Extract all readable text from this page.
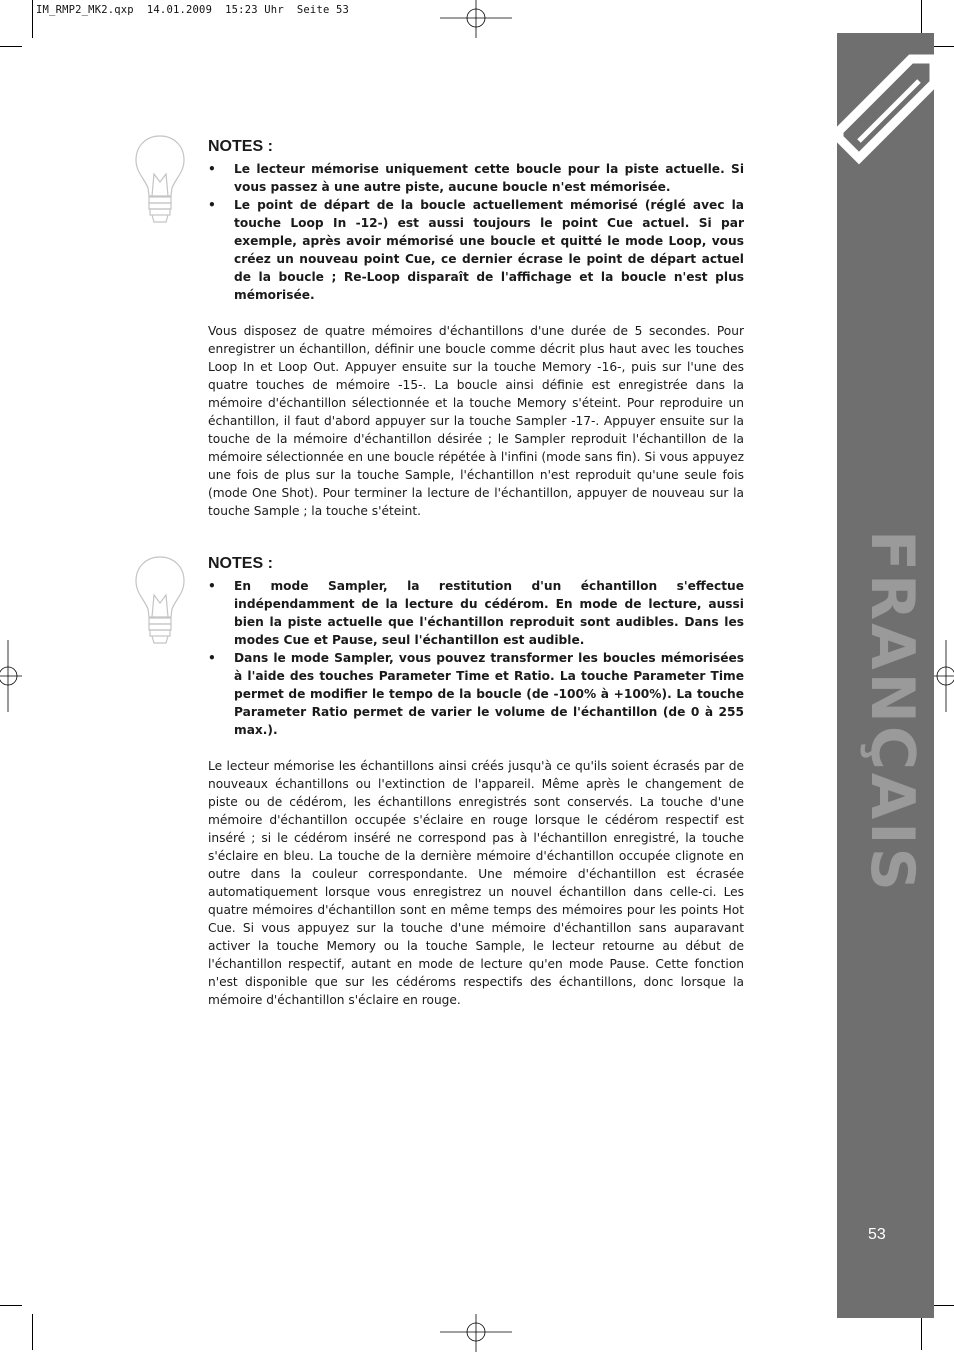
IM_RMP2_MK2.qxp 14.01.2009 15:23 Uhr Seite 53
FRANÇAIS
53
NOTES :
• Le lecteur mémorise uniquement cette boucle pour la piste actuelle. Si vous passez à une autre piste, aucune boucle n'est mémorisée.
• Le point de départ de la boucle actuellement mémorisé (réglé avec la touche Loop In -12-) est aussi toujours le point Cue actuel. Si par exemple, après avoir mémorisé une boucle et quitté le mode Loop, vous créez un nouveau point Cue, ce dernier écrase le point de départ actuel de la boucle ; Re-Loop disparaît de l'affichage et la boucle n'est plus mémorisée.

Vous disposez de quatre mémoires d'échantillons d'une durée de 5 secondes. Pour enregistrer un échantillon, définir une boucle comme décrit plus haut avec les touches Loop In et Loop Out. Appuyer ensuite sur la touche Memory -16-, puis sur l'une des quatre touches de mémoire -15-. La boucle ainsi définie est enregistrée dans la mémoire d'échantillon sélectionnée et la touche Memory s'éteint. Pour reproduire un échantillon, il faut d'abord appuyer sur la touche Sampler -17-. Appuyer ensuite sur la touche de la mémoire d'échantillon désirée ; le Sampler reproduit l'échantillon de la mémoire sélectionnée en une boucle répétée à l'infini (mode sans fin). Si vous appuyez une fois de plus sur la touche Sample, l'échantillon n'est reproduit qu'une seule fois (mode One Shot). Pour terminer la lecture de l'échantillon, appuyer de nouveau sur la touche Sample ; la touche s'éteint.

NOTES :
• En mode Sampler, la restitution d'un échantillon s'effectue indépendamment de la lecture du cédérom. En mode de lecture, aussi bien la piste actuelle que l'échantillon reproduit sont audibles. Dans les modes Cue et Pause, seul l'échantillon est audible.
• Dans le mode Sampler, vous pouvez transformer les boucles mémorisées à l'aide des touches Parameter Time et Ratio. La touche Parameter Time permet de modifier le tempo de la boucle (de -100% à +100%). La touche Parameter Ratio permet de varier le volume de l'échantillon (de 0 à 255 max.).

Le lecteur mémorise les échantillons ainsi créés jusqu'à ce qu'ils soient écrasés par de nouveaux échantillons ou l'extinction de l'appareil. Même après le changement de piste ou de cédérom, les échantillons enregistrés sont conservés. La touche d'une mémoire d'échantillon occupée s'éclaire en rouge lorsque le cédérom respectif est inséré ; si le cédérom inséré ne correspond pas à l'échantillon enregistré, la touche s'éclaire en bleu. La touche de la dernière mémoire d'échantillon occupée clignote en outre dans la couleur correspondante. Une mémoire d'échantillon est écrasée automatiquement lorsque vous enregistrez un nouvel échantillon dans celle-ci. Les quatre mémoires d'échantillon sont en même temps des mémoires pour les points Hot Cue. Si vous appuyez sur la touche d'une mémoire d'échantillon sans auparavant activer la touche Memory ou la touche Sample, le lecteur retourne au début de l'échantillon respectif, autant en mode de lecture qu'en mode Pause. Cette fonction n'est disponible que sur les cédéroms respectifs des échantillons, donc lorsque la mémoire d'échantillon s'éclaire en rouge.
